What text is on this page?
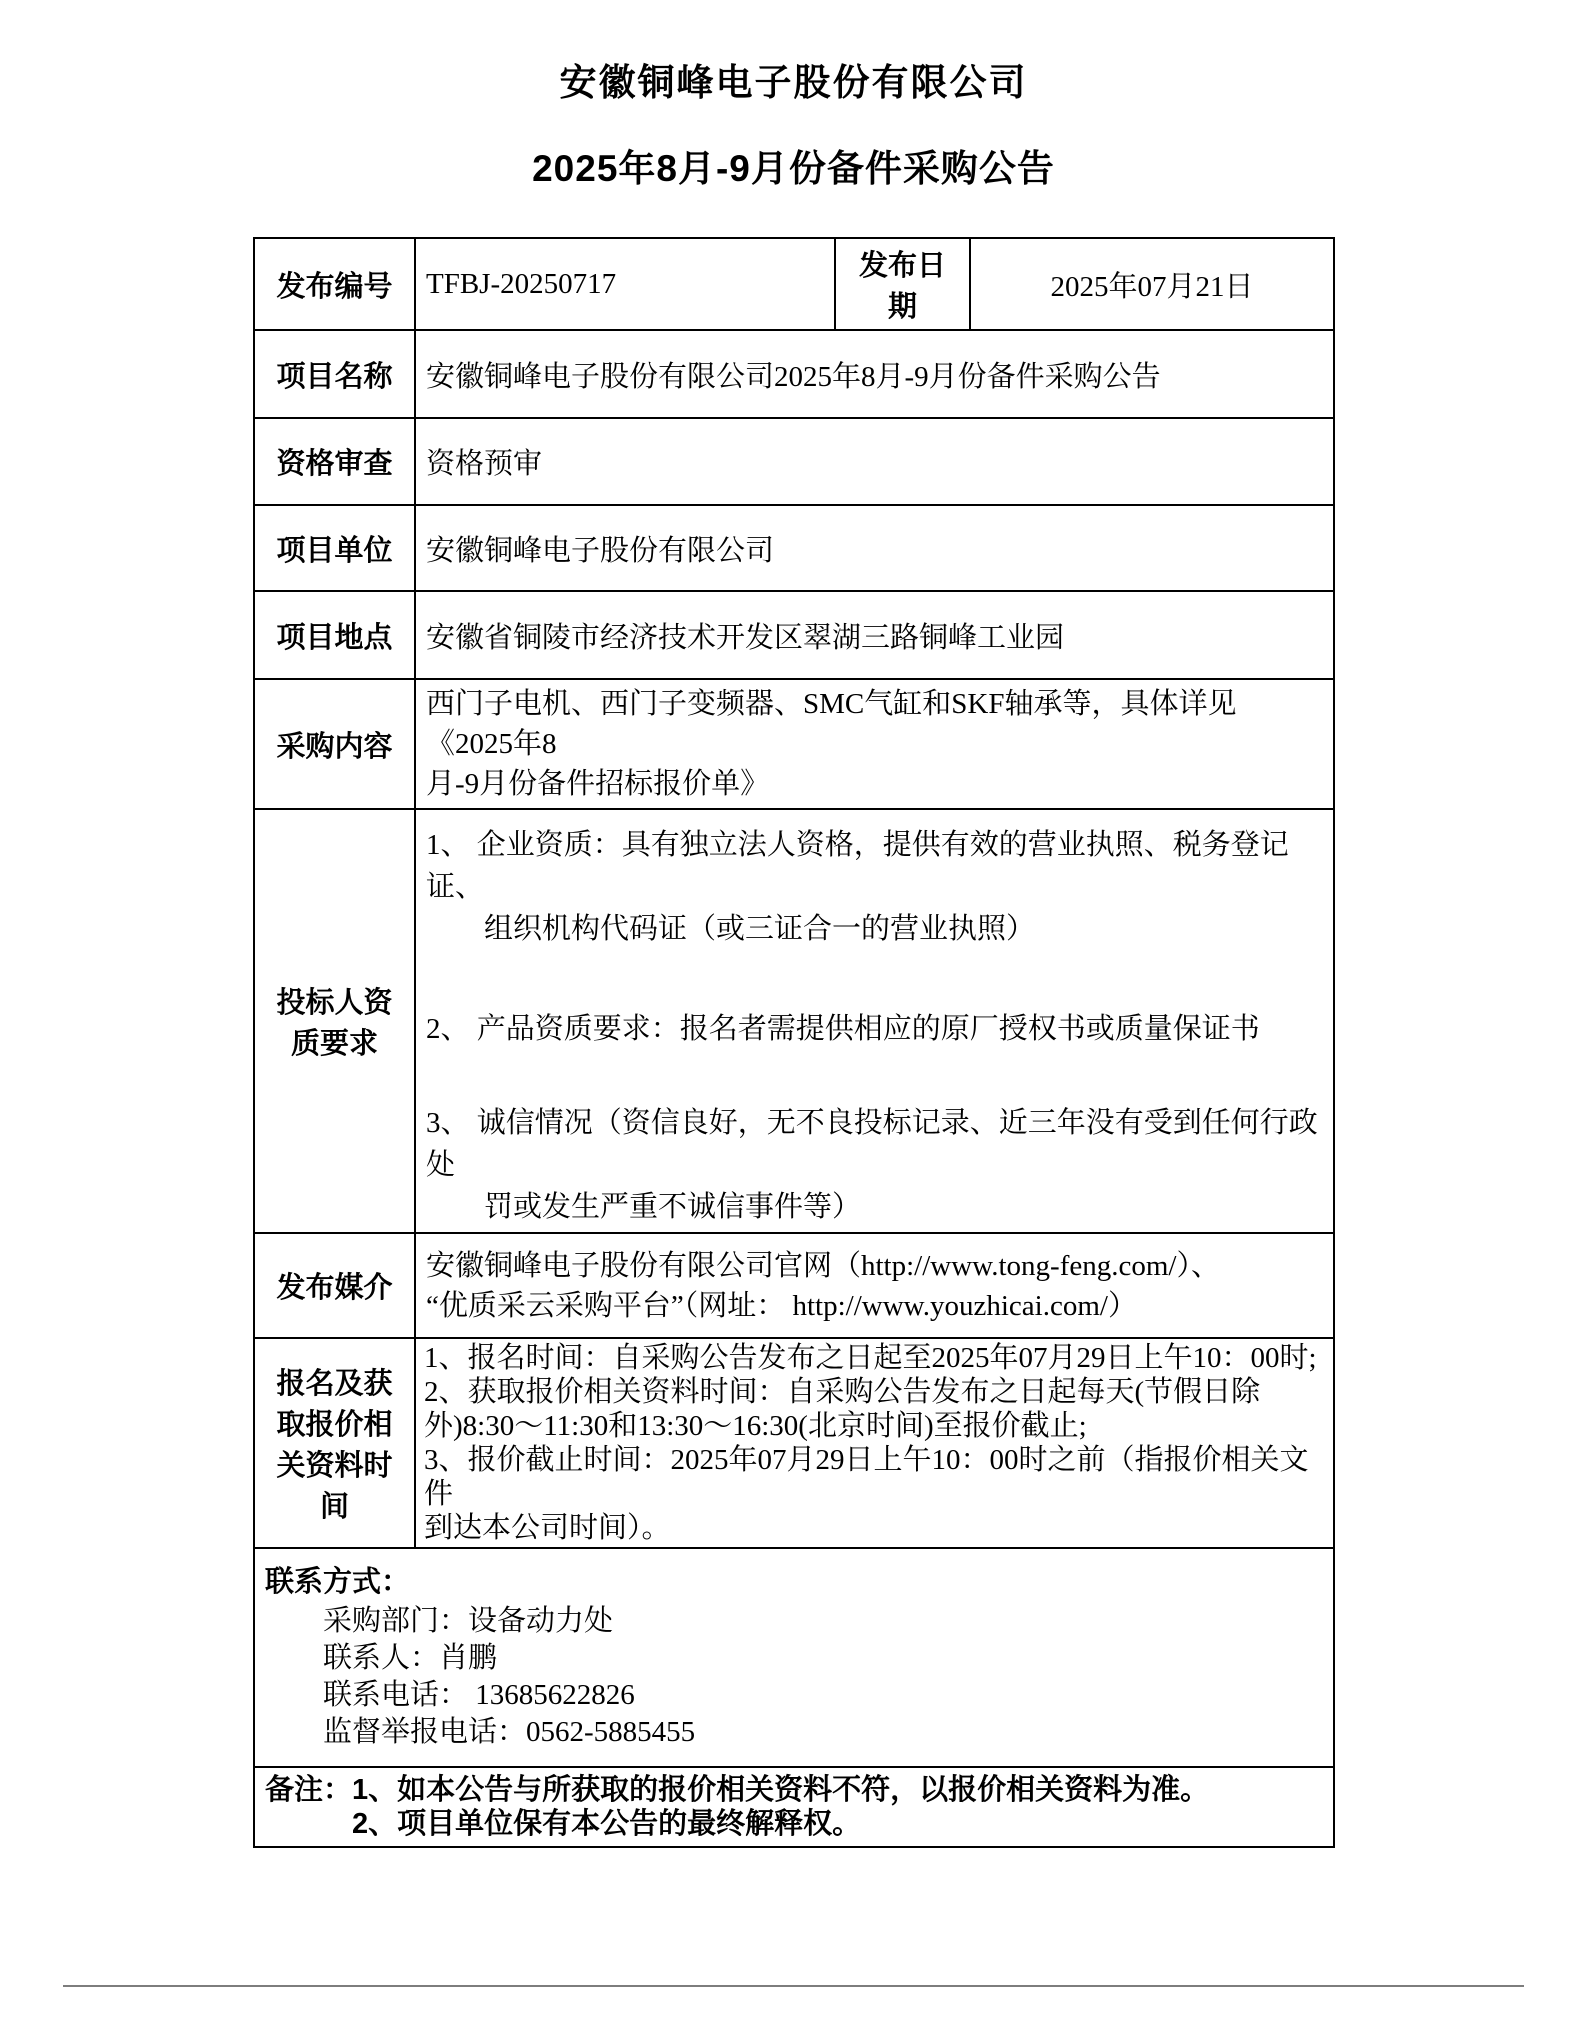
安徽铜峰电子股份有限公司
2025年8月-9月份备件采购公告
发布编号	TFBJ-20250717	发布日期	2025年07月21日
项目名称	安徽铜峰电子股份有限公司2025年8月-9月份备件采购公告		
资格审查	资格预审		
项目单位	安徽铜峰电子股份有限公司		
项目地点	安徽省铜陵市经济技术开发区翠湖三路铜峰工业园		
采购内容	西门子电机、西门子变频器、SMC气缸和SKF轴承等，具体详见《2025年8
月-9月份备件招标报价单》		

投标人资质要求	1、 企业资质：具有独立法人资格，提供有效的营业执照、税务登记证、
组织机构代码证（或三证合一的营业执照）
2、 产品资质要求：报名者需提供相应的原厂授权书或质量保证书
3、 诚信情况（资信良好，无不良投标记录、近三年没有受到任何行政处
罚或发生严重不诚信事件等）		

发布媒介	安徽铜峰电子股份有限公司官网（http://www.tong-feng.com/）、
“优质采云采购平台”（网址： http://www.youzhicai.com/）		

报名及获取报价相关资料时间	1、报名时间：自采购公告发布之日起至2025年07月29日上午10：00时;
2、获取报价相关资料时间：自采购公告发布之日起每天(节假日除
外)8:30～11:30和13:30～16:30(北京时间)至报价截止;
3、报价截止时间：2025年07月29日上午10：00时之前（指报价相关文件
到达本公司时间）。		

联系方式：
采购部门：设备动力处
联系人：肖鹏
联系电话： 13685622826
监督举报电话：0562-5885455			

备注：1、如本公告与所获取的报价相关资料不符，以报价相关资料为准。
2、项目单位保有本公告的最终解释权。			
